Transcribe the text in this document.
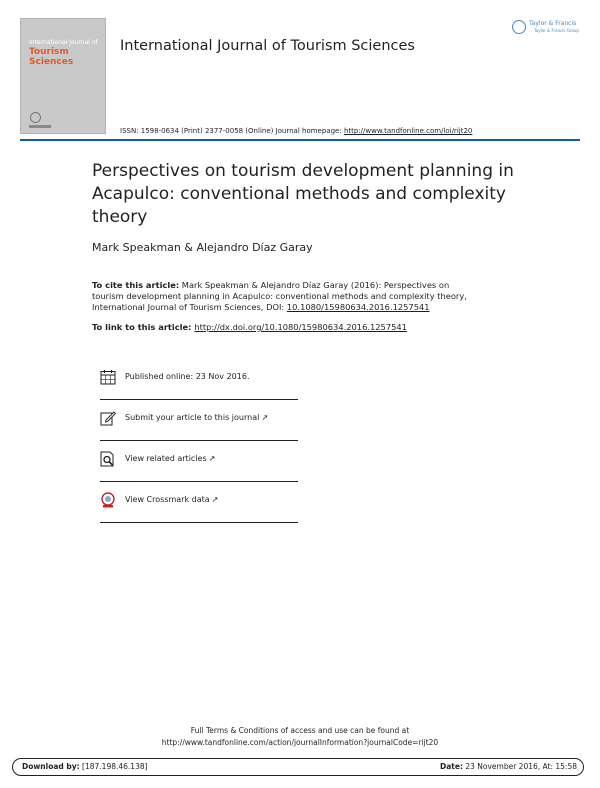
International Journal of
Tourism
Sciences
International Journal of Tourism Sciences
ISSN: 1598-0634 (Print) 2377-0058 (Online) Journal homepage: http://www.tandfonline.com/loi/rijt20
Taylor & Francis
Taylor & Francis Group
Perspectives on tourism development planning in Acapulco: conventional methods and complexity theory
Mark Speakman & Alejandro Díaz Garay
To cite this article: Mark Speakman & Alejandro Díaz Garay (2016): Perspectives on
tourism development planning in Acapulco: conventional methods and complexity theory,
International Journal of Tourism Sciences, DOI: 10.1080/15980634.2016.1257541
To link to this article: http://dx.doi.org/10.1080/15980634.2016.1257541
Published online: 23 Nov 2016.
Submit your article to this journal ↗
View related articles ↗
View Crossmark data ↗
Full Terms & Conditions of access and use can be found at
http://www.tandfonline.com/action/journalInformation?journalCode=rijt20
Download by: [187.198.46.138]	Date: 23 November 2016, At: 15:58
